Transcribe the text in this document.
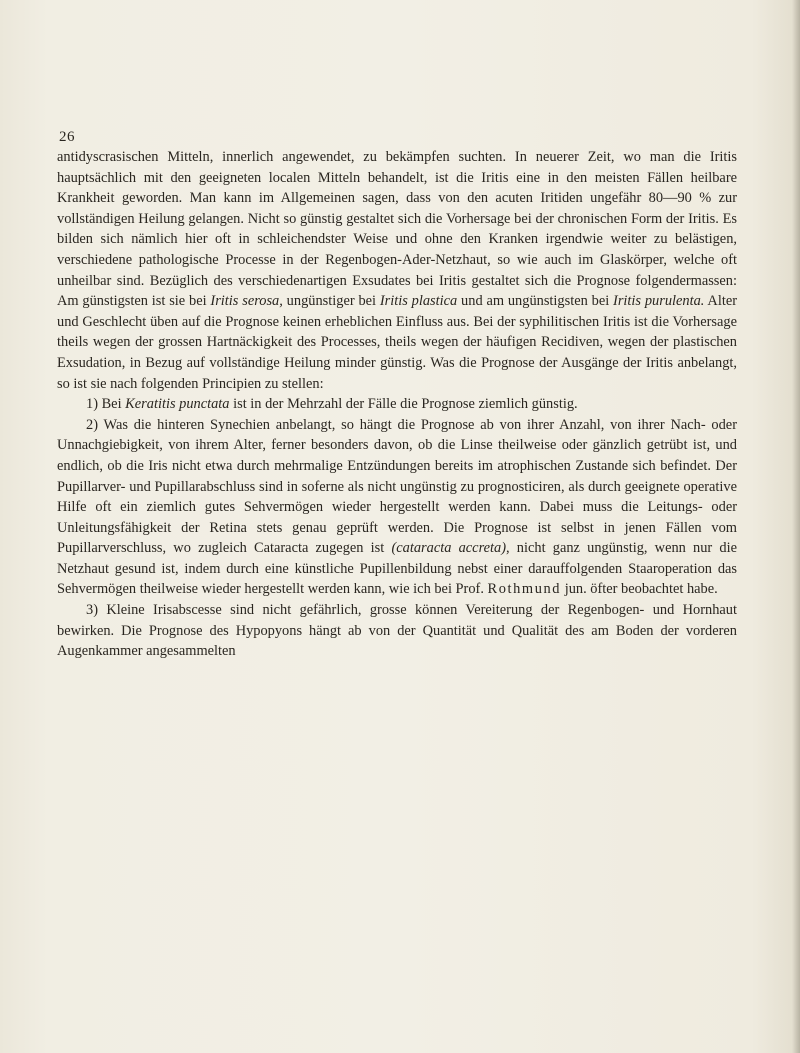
26

antidyscrasischen Mitteln, innerlich angewendet, zu bekämpfen suchten. In neuerer Zeit, wo man die Iritis hauptsächlich mit den geeigneten localen Mitteln behandelt, ist die Iritis eine in den meisten Fällen heilbare Krankheit geworden. Man kann im Allgemeinen sagen, dass von den acuten Iritiden ungefähr 80—90 % zur vollständigen Heilung gelangen. Nicht so günstig gestaltet sich die Vorhersage bei der chronischen Form der Iritis. Es bilden sich nämlich hier oft in schleichendster Weise und ohne den Kranken irgendwie weiter zu belästigen, verschiedene pathologische Processe in der Regenbogen-Ader-Netzhaut, so wie auch im Glaskörper, welche oft unheilbar sind. Bezüglich des verschiedenartigen Exsudates bei Iritis gestaltet sich die Prognose folgendermassen: Am günstigsten ist sie bei Iritis serosa, ungünstiger bei Iritis plastica und am ungünstigsten bei Iritis purulenta. Alter und Geschlecht üben auf die Prognose keinen erheblichen Einfluss aus. Bei der syphilitischen Iritis ist die Vorhersage theils wegen der grossen Hartnäckigkeit des Processes, theils wegen der häufigen Recidiven, wegen der plastischen Exsudation, in Bezug auf vollständige Heilung minder günstig. Was die Prognose der Ausgänge der Iritis anbelangt, so ist sie nach folgenden Principien zu stellen:

1) Bei Keratitis punctata ist in der Mehrzahl der Fälle die Prognose ziemlich günstig.

2) Was die hinteren Synechien anbelangt, so hängt die Prognose ab von ihrer Anzahl, von ihrer Nach- oder Unnachgiebigkeit, von ihrem Alter, ferner besonders davon, ob die Linse theilweise oder gänzlich getrübt ist, und endlich, ob die Iris nicht etwa durch mehrmalige Entzündungen bereits im atrophischen Zustande sich befindet. Der Pupillarver- und Pupillarabschluss sind in soferne als nicht ungünstig zu prognosticiren, als durch geeignete operative Hilfe oft ein ziemlich gutes Sehvermögen wieder hergestellt werden kann. Dabei muss die Leitungs- oder Unleitungsfähigkeit der Retina stets genau geprüft werden. Die Prognose ist selbst in jenen Fällen vom Pupillarverschluss, wo zugleich Cataracta zugegen ist (cataracta accreta), nicht ganz ungünstig, wenn nur die Netzhaut gesund ist, indem durch eine künstliche Pupillenbildung nebst einer darauffolgenden Staaroperation das Sehvermögen theilweise wieder hergestellt werden kann, wie ich bei Prof. Rothmund jun. öfter beobachtet habe.

3) Kleine Irisabscesse sind nicht gefährlich, grosse können Vereiterung der Regenbogen- und Hornhaut bewirken. Die Prognose des Hypopyons hängt ab von der Quantität und Qualität des am Boden der vorderen Augenkammer angesammelten
